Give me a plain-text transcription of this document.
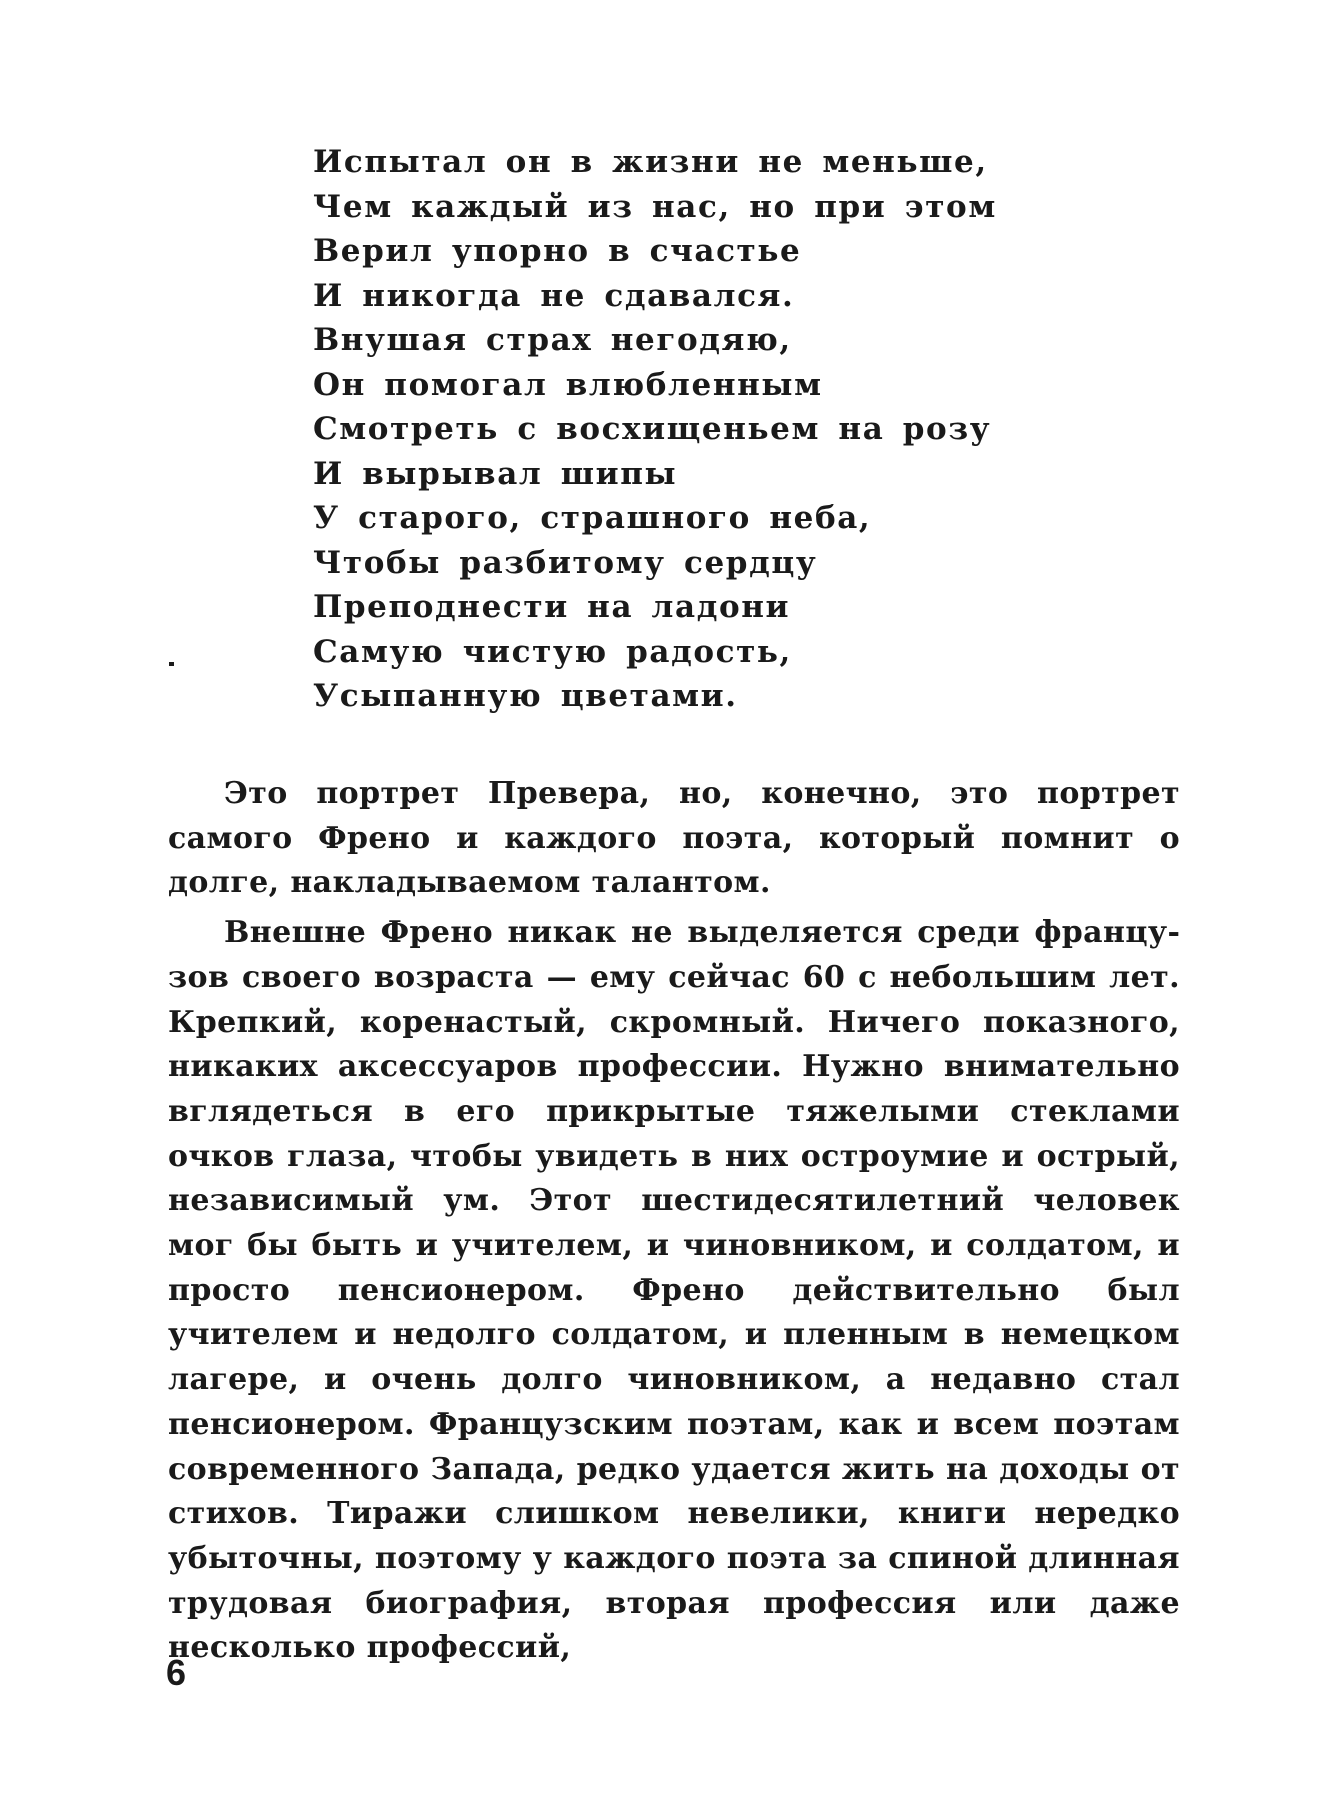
Испытал он в жизни не меньше,
Чем каждый из нас, но при этом
Верил упорно в счастье
И никогда не сдавался.
Внушая страх негодяю,
Он помогал влюбленным
Смотреть с восхищеньем на розу
И вырывал шипы
У старого, страшного неба,
Чтобы разбитому сердцу
Преподнести на ладони
Самую чистую радость,
Усыпанную цветами.

Это портрет Превера, но, конечно, это портрет самого Френо и каждого поэта, который помнит о долге, накладываемом талантом.

Внешне Френо никак не выделяется среди французов своего возраста — ему сейчас 60 с небольшим лет. Крепкий, коренастый, скромный. Ничего показного, никаких аксессуаров профессии. Нужно внимательно вглядеться в его прикрытые тяжелыми стеклами очков глаза, чтобы увидеть в них остроумие и острый, независимый ум. Этот шестидесятилетний человек мог бы быть и учителем, и чиновником, и солдатом, и просто пенсионером. Френо действительно был учителем и недолго солдатом, и пленным в немецком лагере, и очень долго чиновником, а недавно стал пенсионером. Французским поэтам, как и всем поэтам современного Запада, редко удается жить на доходы от стихов. Тиражи слишком невелики, книги нередко убыточны, поэтому у каждого поэта за спиной длинная трудовая биография, вторая профессия или даже несколько профессий,

6
